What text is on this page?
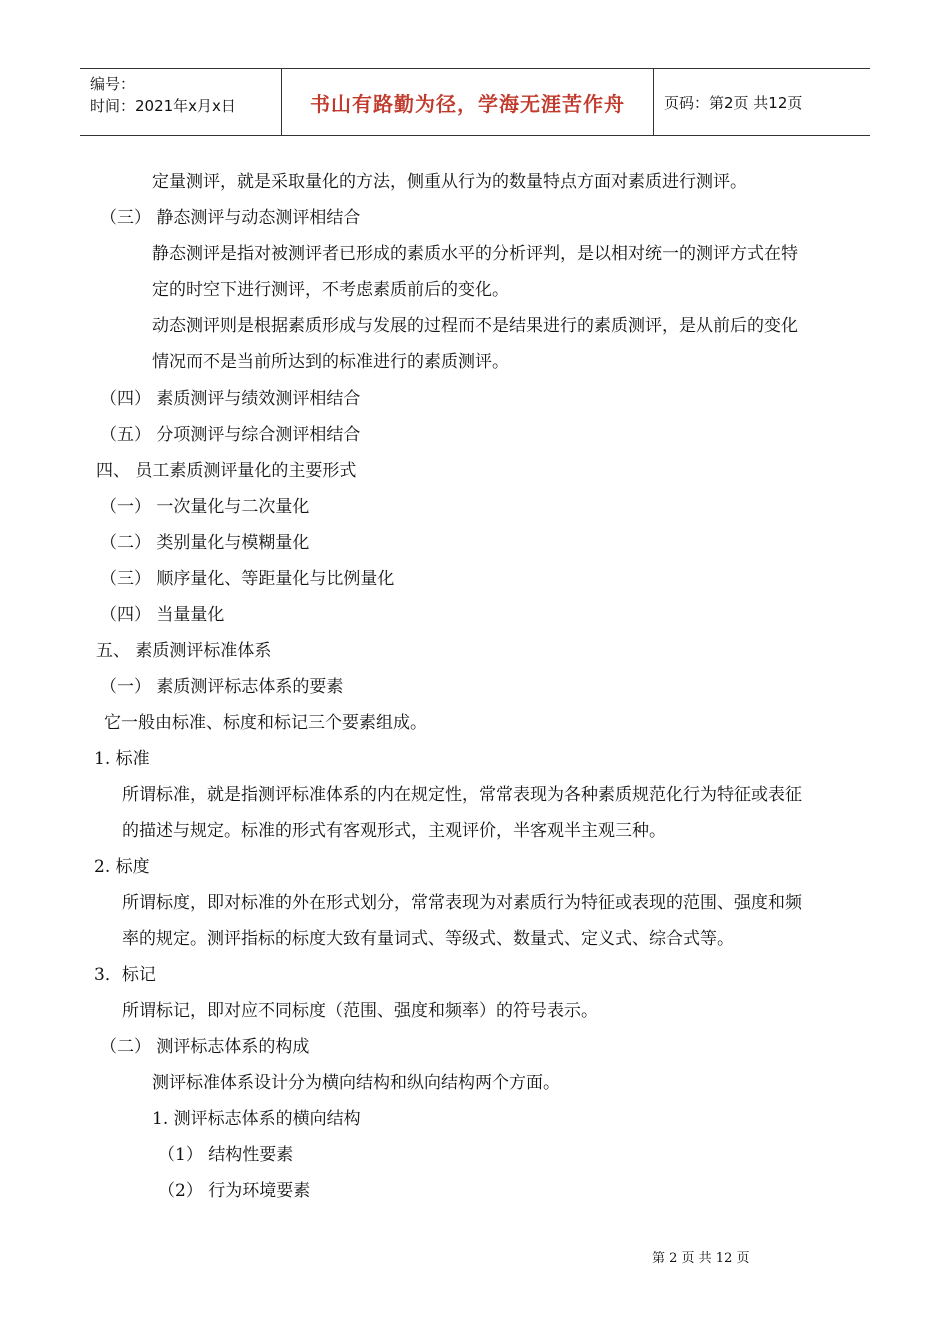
编号：
时间：2021年x月x日	书山有路勤为径，学海无涯苦作舟	页码：第2页 共12页
定量测评，就是采取量化的方法，侧重从行为的数量特点方面对素质进行测评。
（三） 静态测评与动态测评相结合
静态测评是指对被测评者已形成的素质水平的分析评判，是以相对统一的测评方式在特
定的时空下进行测评，不考虑素质前后的变化。
动态测评则是根据素质形成与发展的过程而不是结果进行的素质测评，是从前后的变化
情况而不是当前所达到的标准进行的素质测评。
（四） 素质测评与绩效测评相结合
（五） 分项测评与综合测评相结合
四、 员工素质测评量化的主要形式
（一） 一次量化与二次量化
（二） 类别量化与模糊量化
（三） 顺序量化、等距量化与比例量化
（四） 当量量化
五、 素质测评标准体系
（一） 素质测评标志体系的要素
它一般由标准、标度和标记三个要素组成。
1. 标准
所谓标准，就是指测评标准体系的内在规定性，常常表现为各种素质规范化行为特征或表征
的描述与规定。标准的形式有客观形式，主观评价，半客观半主观三种。
2. 标度
所谓标度，即对标准的外在形式划分，常常表现为对素质行为特征或表现的范围、强度和频
率的规定。测评指标的标度大致有量词式、等级式、数量式、定义式、综合式等。
3．标记
所谓标记，即对应不同标度（范围、强度和频率）的符号表示。
（二） 测评标志体系的构成
测评标准体系设计分为横向结构和纵向结构两个方面。
1. 测评标志体系的横向结构
（1） 结构性要素
（2） 行为环境要素
第 2 页 共 12 页
